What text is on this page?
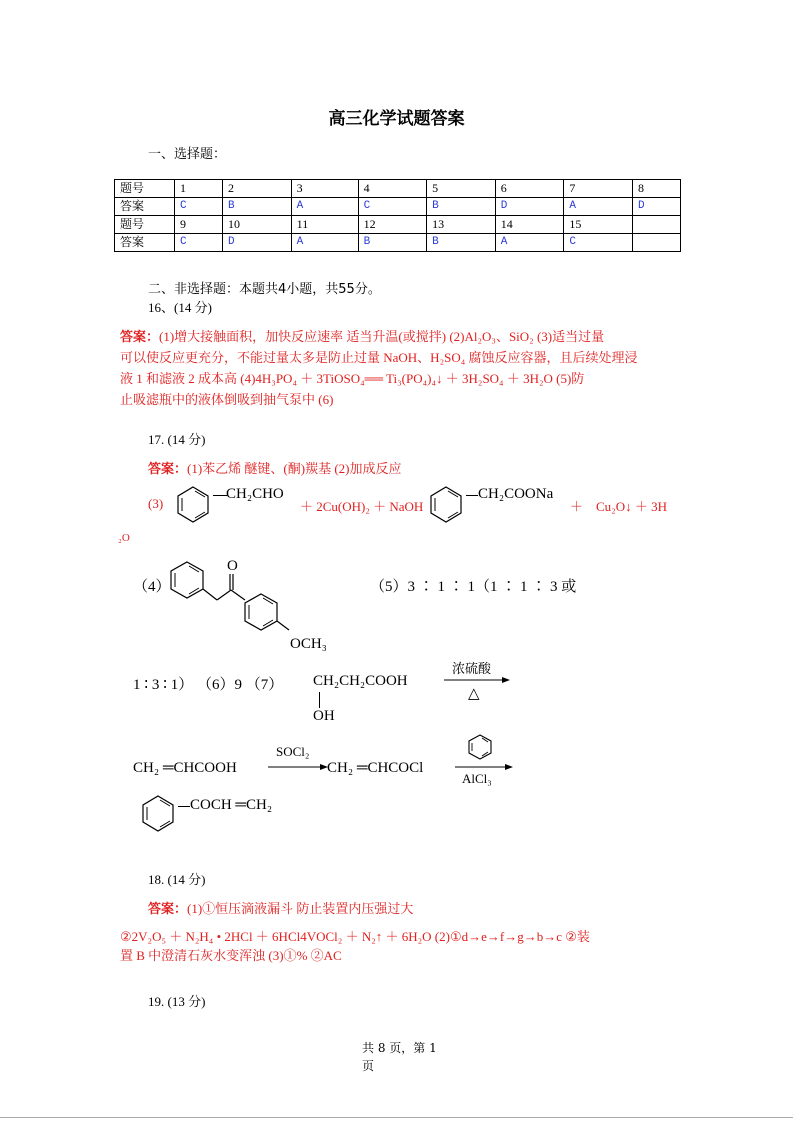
高三化学试题答案
一、选择题：
题号	1	2	3	4	5	6	7	8
答案	C	B	A	C	B	D	A	D
题号	9	10	11	12	13	14	15	
答案	C	D	A	B	B	A	C	
二、非选择题：本题共4小题，共55分。
16、(14 分)
答案：(1)增大接触面积，加快反应速率 适当升温(或搅拌) (2)Al₂O₃、SiO₂ (3)适当过量
可以使反应更充分，不能过量太多是防止过量 NaOH、H₂SO₄ 腐蚀反应容器，且后续处理浸
液 1 和滤液 2 成本高 (4)4H₃PO₄ ＋ 3TiOSO₄══ Ti₃(PO₄)₄↓ ＋ 3H₂SO₄ ＋ 3H₂O (5)防
止吸滤瓶中的液体倒吸到抽气泵中 (6)
17. (14 分)
答案：(1)苯乙烯 醚键、(酮)羰基 (2)加成反应
(3)
CH₂CHO
＋ 2Cu(OH)₂ ＋ NaOH
CH₂COONa
＋ Cu₂O↓ ＋ 3H
₂O
（4）
O
OCH₃
（5）3 ∶ 1 ∶ 1（1 ∶ 1 ∶ 3 或
1 ∶ 3 ∶ 1） （6）9 （7） CH₂CH₂COOH
OH
浓硫酸
△
CH₂ ═CHCOOH
SOCl₂
CH₂ ═CHCOCl
AlCl₃
COCH ═CH₂
18. (14 分)
答案：(1)①恒压滴液漏斗 防止装置内压强过大
②2V₂O₅ ＋ N₂H₄ • 2HCl ＋ 6HCl4VOCl₂ ＋ N₂↑ ＋ 6H₂O (2)①d→e→f→g→b→c ②装
置 B 中澄清石灰水变浑浊 (3)①% ②AC
19. (13 分)
共 8 页，第 1
页
